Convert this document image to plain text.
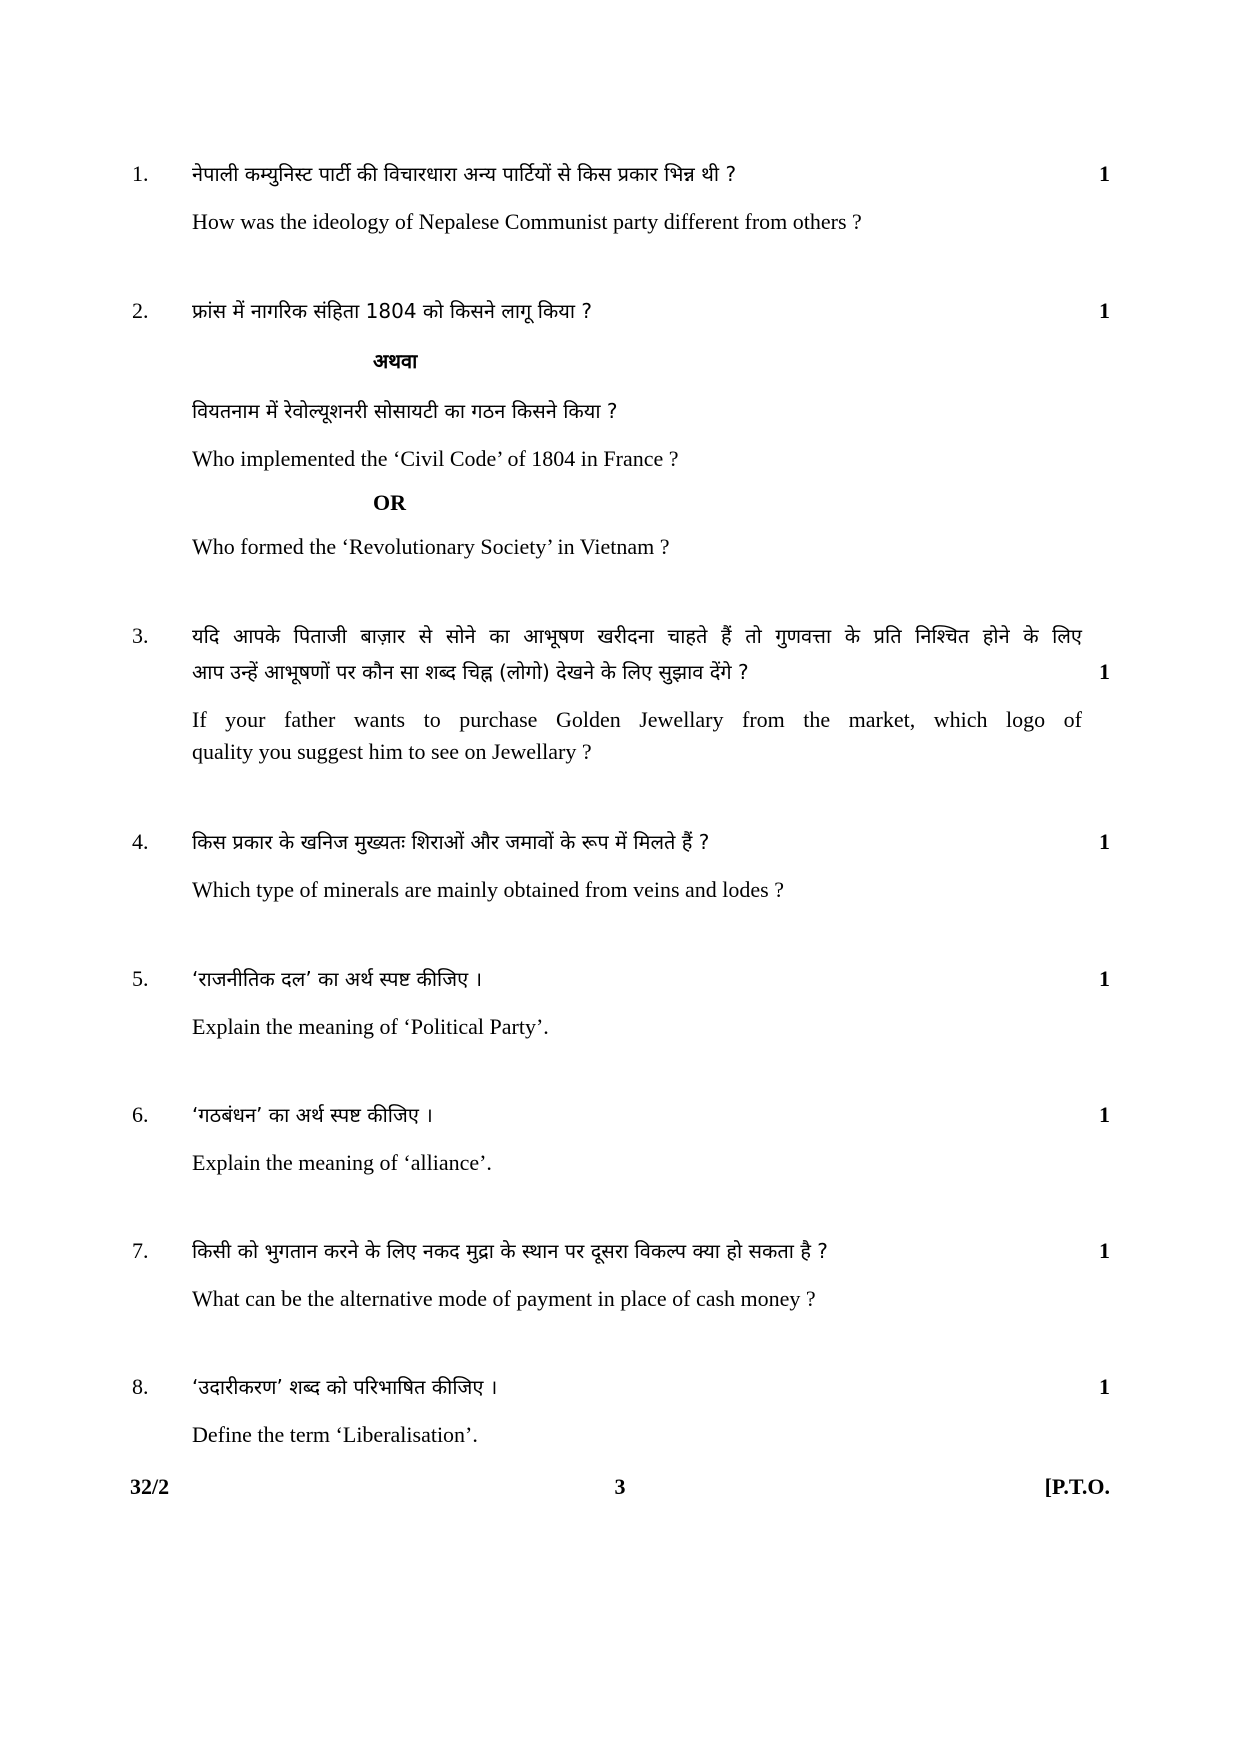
1. नेपाली कम्युनिस्ट पार्टी की विचारधारा अन्य पार्टियों से किस प्रकार भिन्न थी ?	1
How was the ideology of Nepalese Communist party different from others ?
2. फ्रांस में नागरिक संहिता 1804 को किसने लागू किया ?	1
अथवा
वियतनाम में रेवोल्यूशनरी सोसायटी का गठन किसने किया ?
Who implemented the ‘Civil Code’ of 1804 in France ?
OR
Who formed the ‘Revolutionary Society’ in Vietnam ?
3. यदि आपके पिताजी बाज़ार से सोने का आभूषण खरीदना चाहते हैं तो गुणवत्ता के प्रति निश्चित होने के लिए
आप उन्हें आभूषणों पर कौन सा शब्द चिह्न (लोगो) देखने के लिए सुझाव देंगे ?	1
If your father wants to purchase Golden Jewellary from the market, which logo of
quality you suggest him to see on Jewellary ?
4. किस प्रकार के खनिज मुख्यतः शिराओं और जमावों के रूप में मिलते हैं ?	1
Which type of minerals are mainly obtained from veins and lodes ?
5. ‘राजनीतिक दल’ का अर्थ स्पष्ट कीजिए ।	1
Explain the meaning of ‘Political Party’.
6. ‘गठबंधन’ का अर्थ स्पष्ट कीजिए ।	1
Explain the meaning of ‘alliance’.
7. किसी को भुगतान करने के लिए नकद मुद्रा के स्थान पर दूसरा विकल्प क्या हो सकता है ?	1
What can be the alternative mode of payment in place of cash money ?
8. ‘उदारीकरण’ शब्द को परिभाषित कीजिए ।	1
Define the term ‘Liberalisation’.
32/2	3	[P.T.O.
